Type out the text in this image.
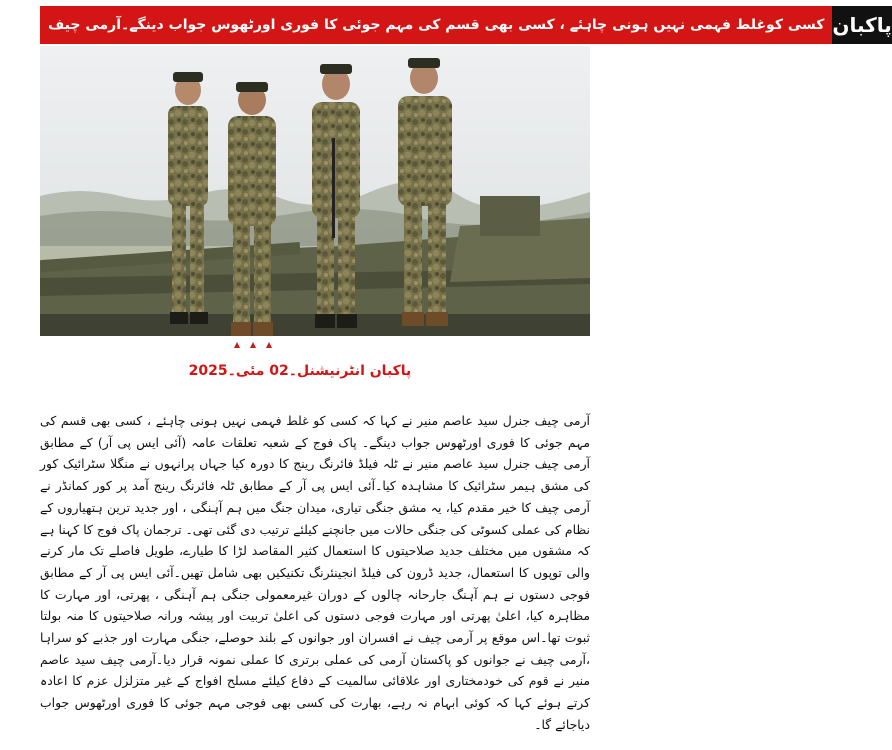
کسی کوغلط فہمی نہیں ہونی چاہئے ، کسی بھی قسم کی مہم جوئی کا فوری اورٹھوس جواب دینگے۔آرمی چیف پاکبان
پاکبان انٹرنیشنل۔02 مئی۔2025
آرمی چیف جنرل سید عاصم منیر نے کہا کہ کسی کو غلط فہمی نہیں ہونی چاہئے ، کسی بھی قسم کی مہم جوئی کا فوری اورٹھوس جواب دینگے۔ پاک فوج کے شعبہ تعلقات عامہ (آئی ایس پی آر) کے مطابق آرمی چیف جنرل سید عاصم منیر نے ٹلہ فیلڈ فائرنگ رینج کا دورہ کیا جہاں پرانہوں نے منگلا سٹرائیک کور کی مشق ہیمر سٹرائیک کا مشاہدہ کیا۔آئی ایس پی آر کے مطابق ٹلہ فائرنگ رینج آمد پر کور کمانڈر نے آرمی چیف کا خیر مقدم کیا، یہ مشق جنگی تیاری، میدان جنگ میں ہم آہنگی ، اور جدید ترین ہتھیاروں کے نظام کی عملی کسوٹی کی جنگی حالات میں جانچنے کیلئے ترتیب دی گئی تھی۔ ترجمان پاک فوج کا کہنا ہے کہ مشقوں میں مختلف جدید صلاحیتوں کا استعمال کثیر المقاصد لڑا کا طیارے، طویل فاصلے تک مار کرنے والی توپوں کا استعمال، جدید ڈرون کی فیلڈ انجینئرنگ تکنیکیں بھی شامل تھیں۔آئی ایس پی آر کے مطابق فوجی دستوں نے ہم آہنگ جارحانہ چالوں کے دوران غیرمعمولی جنگی ہم آہنگی ، پھرتی، اور مہارت کا مظاہرہ کیا، اعلیٰ پھرتی اور مہارت فوجی دستوں کی اعلیٰ تربیت اور پیشہ ورانہ صلاحیتوں کا منہ بولتا ثبوت تھا۔اس موقع پر آرمی چیف نے افسران اور جوانوں کے بلند حوصلے، جنگی مہارت اور جذبے کو سراہا ،آرمی چیف نے جوانوں کو پاکستان آرمی کی عملی برتری کا عملی نمونہ قرار دیا۔آرمی چیف سید عاصم منیر نے قوم کی خودمختاری اور علاقائی سالمیت کے دفاع کیلئے مسلح افواج کے غیر متزلزل عزم کا اعادہ کرتے ہوئے کہا کہ کوئی ابہام نہ رہے، بھارت کی کسی بھی فوجی مہم جوئی کا فوری اورٹھوس جواب دیاجائے گا۔
